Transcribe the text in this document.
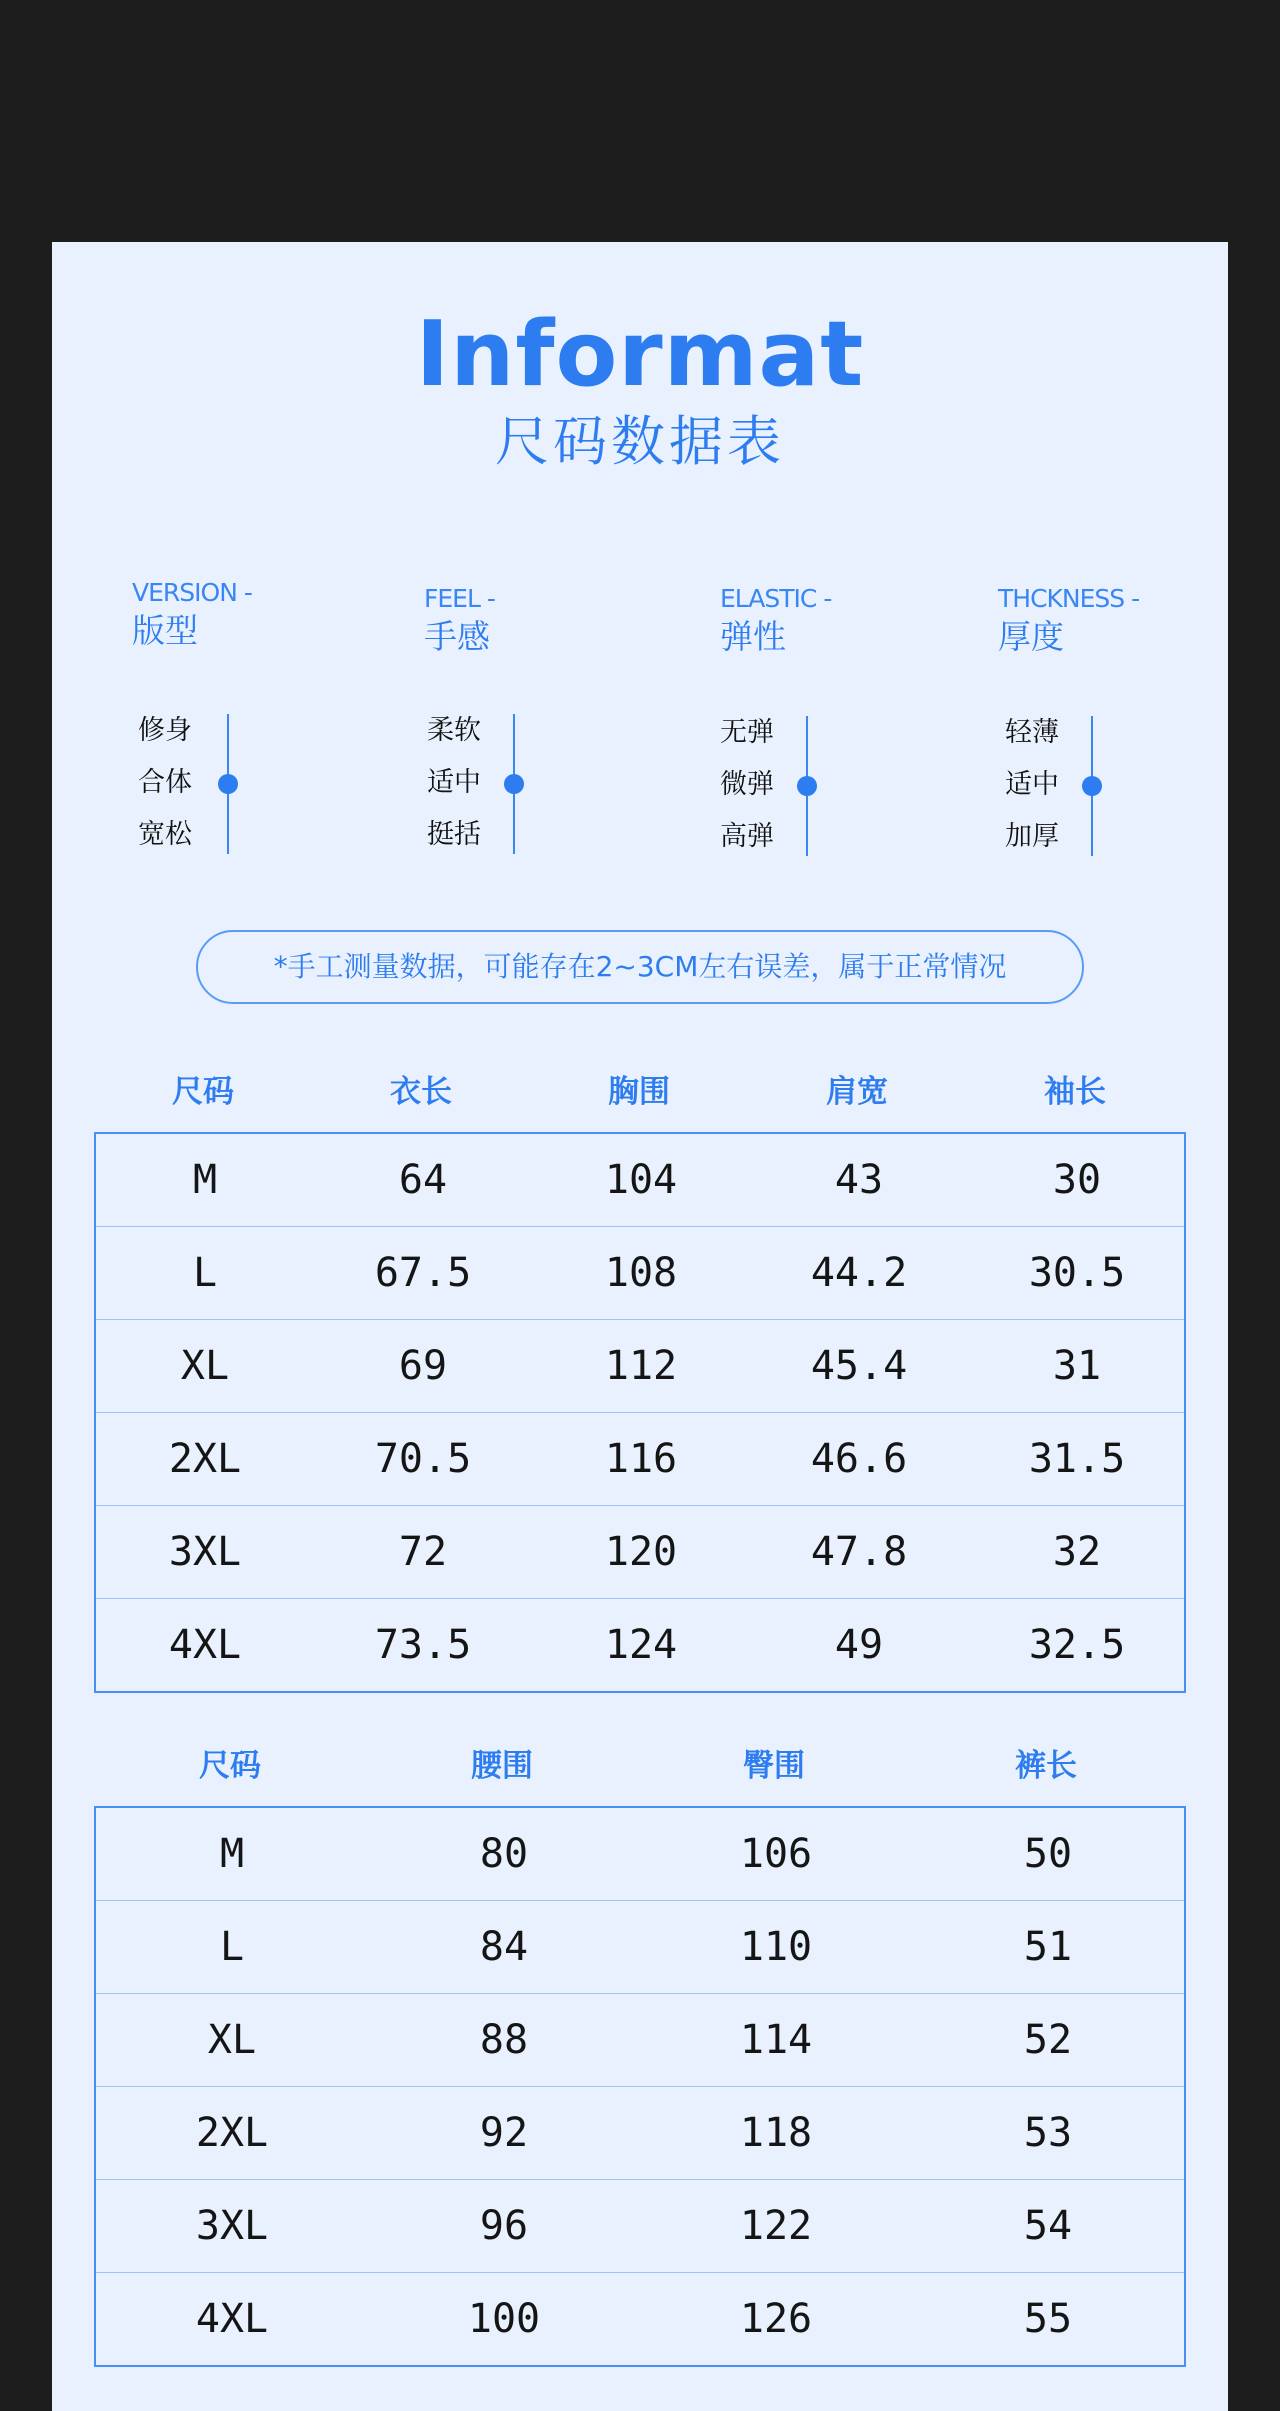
Informat
尺码数据表
VERSION -
版型
FEEL -
手感
ELASTIC -
弹性
THCKNESS -
厚度
修身
合体
宽松
柔软
适中
挺括
无弹
微弹
高弹
轻薄
适中
加厚
*手工测量数据，可能存在2~3CM左右误差，属于正常情况
尺码	衣长	胸围	肩宽	袖长
M	64	104	43	30
L	67.5	108	44.2	30.5
XL	69	112	45.4	31
2XL	70.5	116	46.6	31.5
3XL	72	120	47.8	32
4XL	73.5	124	49	32.5
尺码	腰围	臀围	裤长
M	80	106	50
L	84	110	51
XL	88	114	52
2XL	92	118	53
3XL	96	122	54
4XL	100	126	55
